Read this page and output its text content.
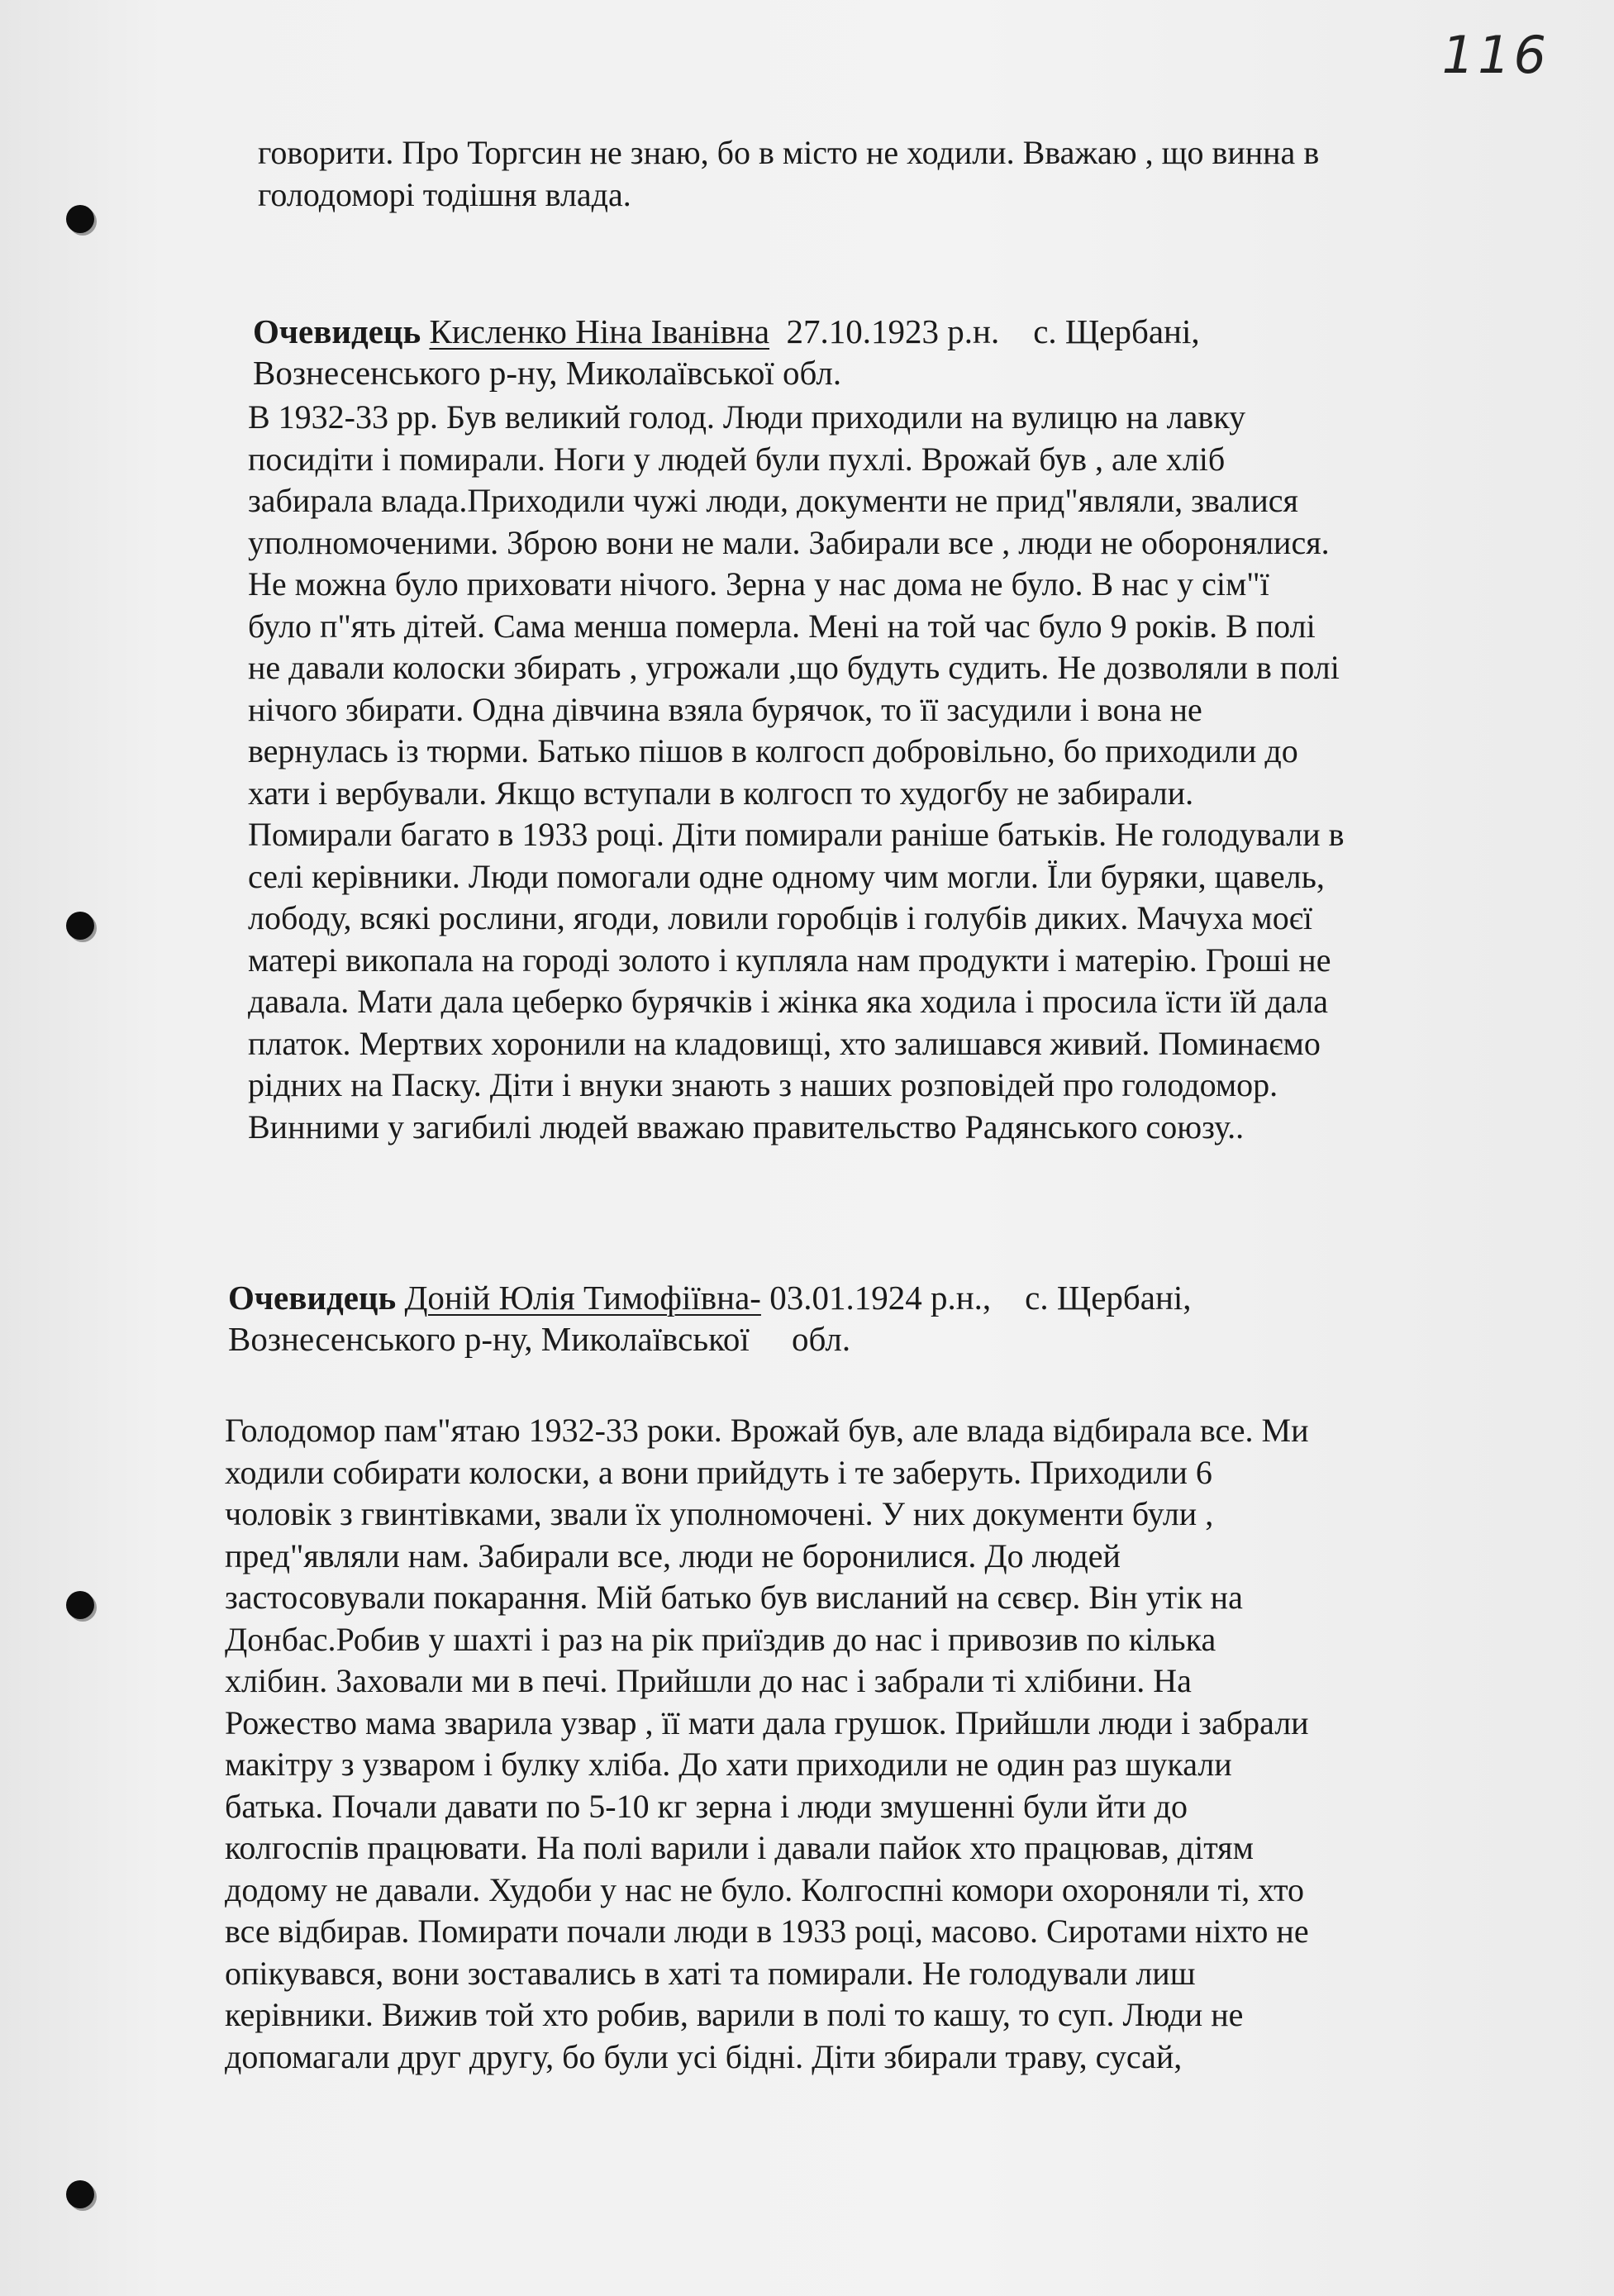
116

говорити. Про Торгсин не знаю, бо в місто не ходили. Вважаю , що винна в
голодоморі тодішня влада.

Очевидець Кисленко Ніна Іванівна 27.10.1923 р.н. с. Щербані,
Вознесенського р-ну, Миколаївської обл.

В 1932-33 рр. Був великий голод. Люди приходили на вулицю на лавку
посидіти і помирали. Ноги у людей були пухлі. Врожай був , але хліб
забирала влада.Приходили чужі люди, документи не прид"являли, звалися
уполномоченими. Зброю вони не мали. Забирали все , люди не оборонялися.
Не можна було приховати нічого. Зерна у нас дома не було. В нас у сім"ї
було п"ять дітей. Сама менша померла. Мені на той час було 9 років. В полі
не давали колоски збирать , угрожали ,що будуть судить. Не дозволяли в полі
нічого збирати. Одна дівчина взяла бурячок, то її засудили і вона не
вернулась із тюрми. Батько пішов в колгосп добровільно, бо приходили до
хати і вербували. Якщо вступали в колгосп то худогбу не забирали.
Помирали багато в 1933 році. Діти помирали раніше батьків. Не голодували в
селі керівники. Люди помогали одне одному чим могли. Їли буряки, щавель,
лободу, всякі рослини, ягоди, ловили горобців і голубів диких. Мачуха моєї
матері викопала на городі золото і купляла нам продукти і матерію. Гроші не
давала. Мати дала цеберко бурячків і жінка яка ходила і просила їсти їй дала
платок. Мертвих хоронили на кладовищі, хто залишався живий. Поминаємо
рідних на Паску. Діти і внуки знають з наших розповідей про голодомор.
Винними у загибилі людей вважаю правительство Радянського союзу..

Очевидець Доній Юлія Тимофіївна- 03.01.1924 р.н., с. Щербані,
Вознесенського р-ну, Миколаївської     обл.

Голодомор пам"ятаю 1932-33 роки. Врожай був, але влада відбирала все. Ми
ходили собирати колоски, а вони прийдуть і те заберуть. Приходили 6
чоловік з гвинтівками, звали їх уполномочені. У них документи були ,
пред"являли нам. Забирали все, люди не боронилися. До людей
застосовували покарання. Мій батько був висланий на сєвєр. Він утік на
Донбас.Робив у шахті і раз на рік приїздив до нас і привозив по кілька
хлібин. Заховали ми в печі. Прийшли до нас і забрали ті хлібини. На
Рожество мама зварила узвар , її мати дала грушок. Прийшли люди і забрали
макітру з узваром і булку хліба. До хати приходили не один раз шукали
батька. Почали давати по 5-10 кг зерна і люди змушенні були йти до
колгоспів працювати. На полі варили і давали пайок хто працював, дітям
додому не давали. Худоби у нас не було. Колгоспні комори охороняли ті, хто
все відбирав. Помирати почали люди в 1933 році, масово. Сиротами ніхто не
опікувався, вони зоставались в хаті та помирали. Не голодували лиш
керівники. Вижив той хто робив, варили в полі то кашу, то суп. Люди не
допомагали друг другу, бо були усі бідні. Діти збирали траву, сусай,
